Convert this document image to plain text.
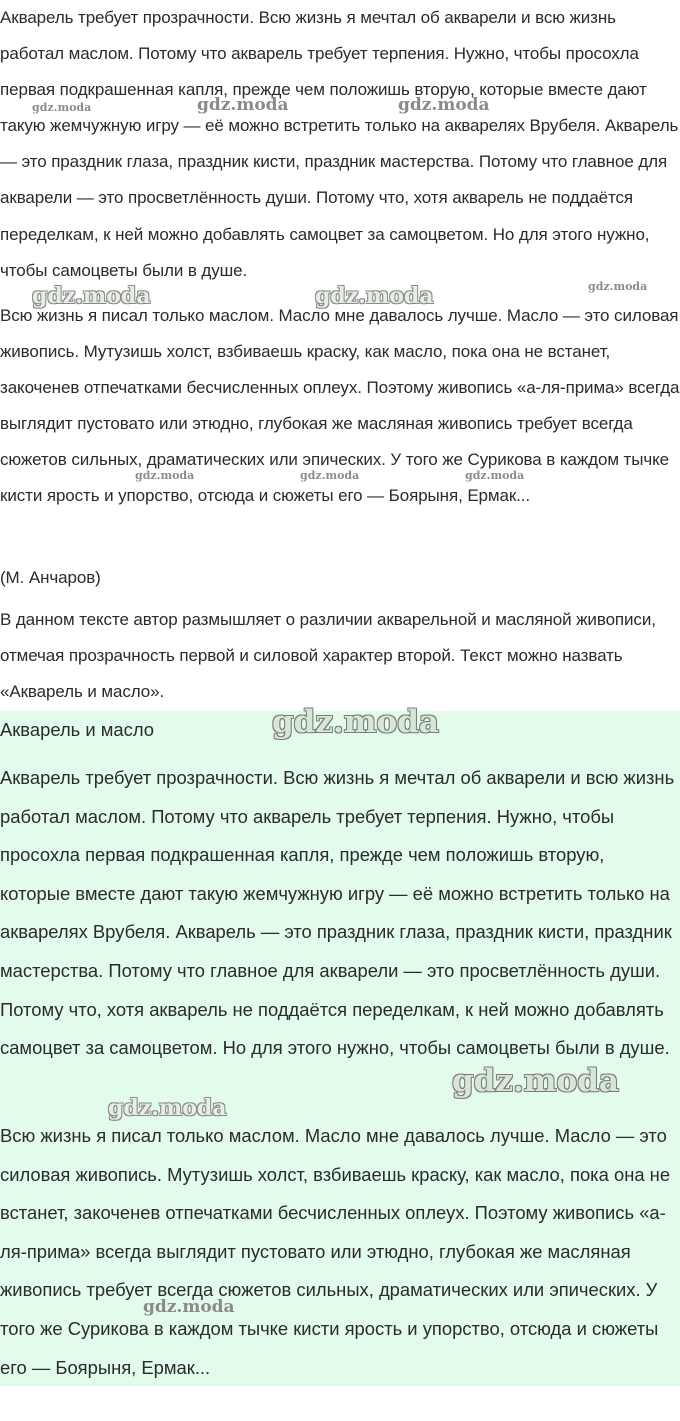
Акварель требует прозрачности. Всю жизнь я мечтал об акварели и всю жизнь работал маслом. Потому что акварель требует терпения. Нужно, чтобы просохла первая подкрашенная капля, прежде чем положишь вторую, которые вместе дают такую жемчужную игру — её можно встретить только на акварелях Врубеля. Акварель — это праздник глаза, праздник кисти, праздник мастерства. Потому что главное для акварели — это просветлённость души. Потому что, хотя акварель не поддаётся переделкам, к ней можно добавлять самоцвет за самоцветом. Но для этого нужно, чтобы самоцветы были в душе.

Всю жизнь я писал только маслом. Масло мне давалось лучше. Масло — это силовая живопись. Мутузишь холст, взбиваешь краску, как масло, пока она не встанет, закоченев отпечатками бесчисленных оплеух. Поэтому живопись «а-ля-прима» всегда выглядит пустовато или этюдно, глубокая же масляная живопись требует всегда сюжетов сильных, драматических или эпических. У того же Сурикова в каждом тычке кисти ярость и упорство, отсюда и сюжеты его — Боярыня, Ермак...

(М. Анчаров)

В данном тексте автор размышляет о различии акварельной и масляной живописи, отмечая прозрачность первой и силовой характер второй. Текст можно назвать «Акварель и масло».

Акварель и масло

Акварель требует прозрачности. Всю жизнь я мечтал об акварели и всю жизнь работал маслом. Потому что акварель требует терпения. Нужно, чтобы просохла первая подкрашенная капля, прежде чем положишь вторую, которые вместе дают такую жемчужную игру — её можно встретить только на акварелях Врубеля. Акварель — это праздник глаза, праздник кисти, праздник мастерства. Потому что главное для акварели — это просветлённость души. Потому что, хотя акварель не поддаётся переделкам, к ней можно добавлять самоцвет за самоцветом. Но для этого нужно, чтобы самоцветы были в душе.

Всю жизнь я писал только маслом. Масло мне давалось лучше. Масло — это силовая живопись. Мутузишь холст, взбиваешь краску, как масло, пока она не встанет, закоченев отпечатками бесчисленных оплеух. Поэтому живопись «а-ля-прима» всегда выглядит пустовато или этюдно, глубокая же масляная живопись требует всегда сюжетов сильных, драматических или эпических. У того же Сурикова в каждом тычке кисти ярость и упорство, отсюда и сюжеты его — Боярыня, Ермак...

gdz.moda	gdz.moda	gdz.moda
gdz.moda	gdz.moda	gdz.moda
gdz.moda	gdz.moda	gdz.moda
gdz.moda
gdz.moda
gdz.moda
gdz.moda
